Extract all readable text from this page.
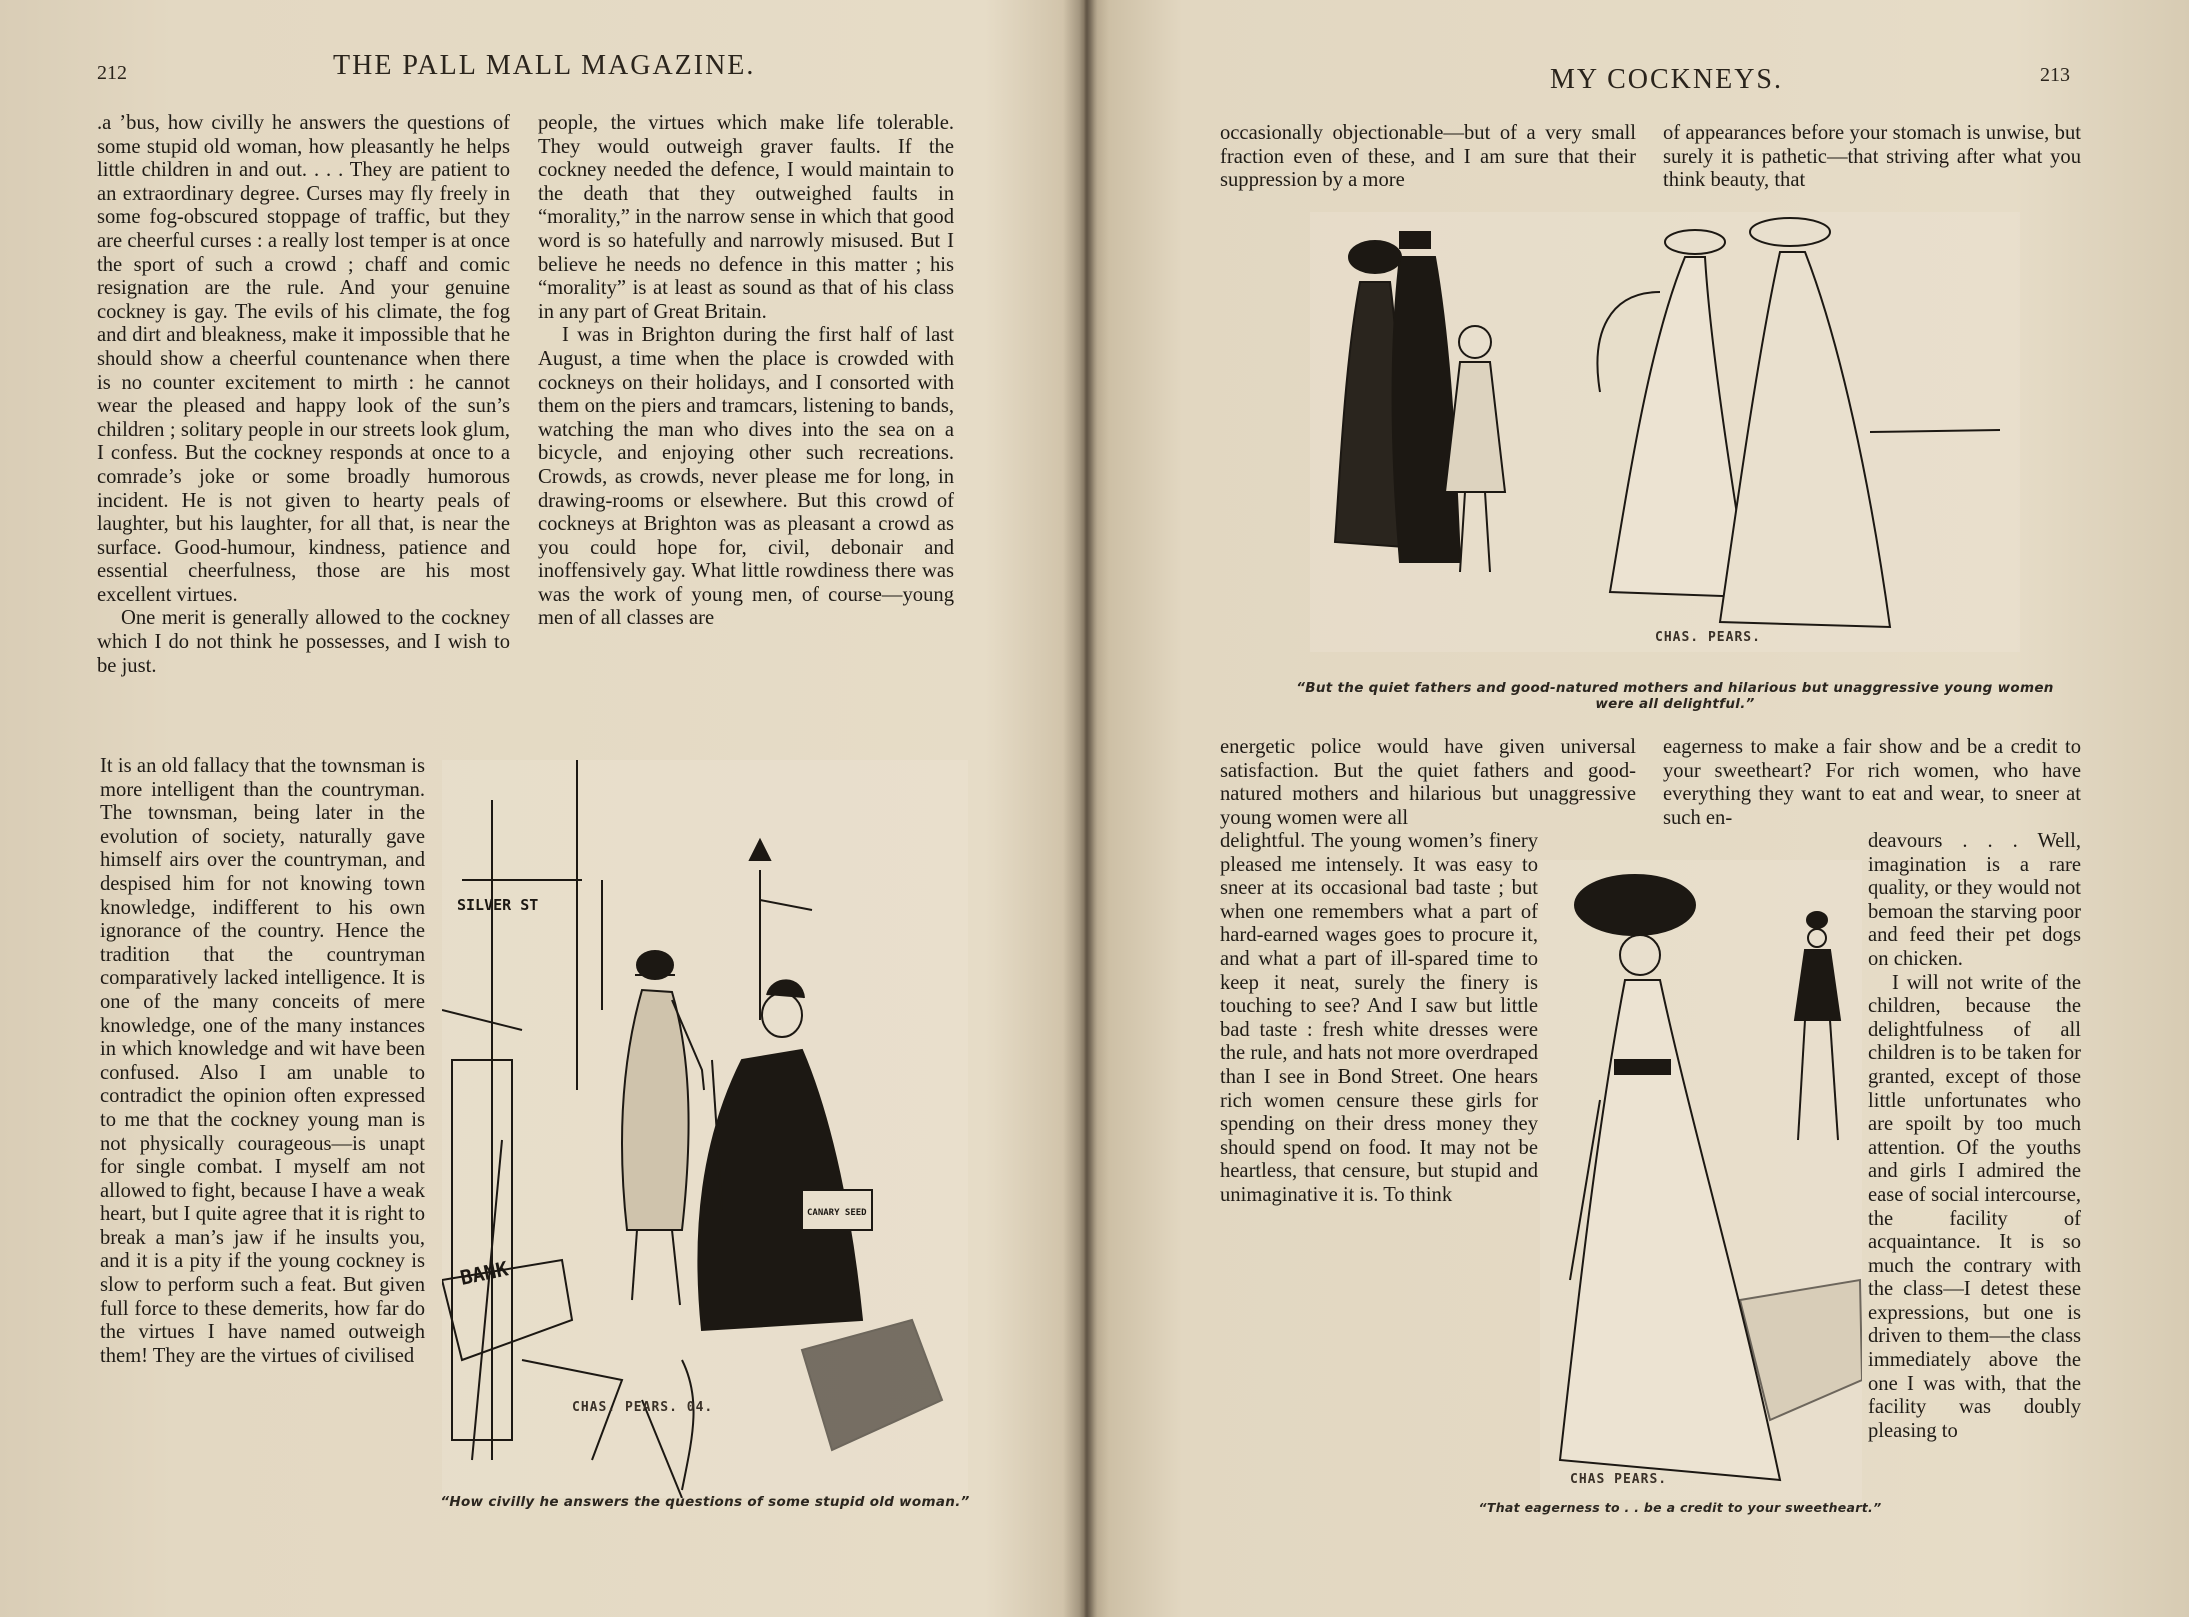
212	THE PALL MALL MAGAZINE.

.a ’bus, how civilly he answers the questions of some stupid old woman, how pleasantly he helps little children in and out. . . . They are patient to an extraordinary degree. Curses may fly freely in some fog-obscured stoppage of traffic, but they are cheerful curses : a really lost temper is at once the sport of such a crowd ; chaff and comic resignation are the rule. And your genuine cockney is gay. The evils of his climate, the fog and dirt and bleakness, make it impossible that he should show a cheerful countenance when there is no counter excitement to mirth : he cannot wear the pleased and happy look of the sun’s children ; solitary people in our streets look glum, I confess. But the cockney responds at once to a comrade’s joke or some broadly humorous incident. He is not given to hearty peals of laughter, but his laughter, for all that, is near the surface. Good-humour, kindness, patience and essential cheerfulness, those are his most excellent virtues.

One merit is generally allowed to the cockney which I do not think he possesses, and I wish to be just.

It is an old fallacy that the townsman is more intelligent than the countryman. The townsman, being later in the evolution of society, naturally gave himself airs over the countryman, and despised him for not knowing town knowledge, indifferent to his own ignorance of the country. Hence the tradition that the countryman comparatively lacked intelligence. It is one of the many conceits of mere knowledge, one of the many instances in which knowledge and wit have been confused. Also I am unable to contradict the opinion often expressed to me that the cockney young man is not physically courageous—is unapt for single combat. I myself am not allowed to fight, because I have a weak heart, but I quite agree that it is right to break a man’s jaw if he insults you, and it is a pity if the young cockney is slow to perform such a feat. But given full force to these demerits, how far do the virtues I have named outweigh them! They are the virtues of civilised

people, the virtues which make life tolerable. They would outweigh graver faults. If the cockney needed the defence, I would maintain to the death that they outweighed faults in “morality,” in the narrow sense in which that good word is so hatefully and narrowly misused. But I believe he needs no defence in this matter ; his “morality” is at least as sound as that of his class in any part of Great Britain.

I was in Brighton during the first half of last August, a time when the place is crowded with cockneys on their holidays, and I consorted with them on the piers and tramcars, listening to bands, watching the man who dives into the sea on a bicycle, and enjoying other such recreations. Crowds, as crowds, never please me for long, in drawing-rooms or elsewhere. But this crowd of cockneys at Brighton was as pleasant a crowd as you could hope for, civil, debonair and inoffensively gay. What little rowdiness there was was the work of young men, of course—young men of all classes are

SILVER ST
BANK
CANARY SEED
CHAS. PEARS. 04.
“How civilly he answers the questions of some stupid old woman.”
MY COCKNEYS.	213

occasionally objectionable—but of a very small fraction even of these, and I am sure that their suppression by a more

of appearances before your stomach is unwise, but surely it is pathetic—that striving after what you think beauty, that

CHAS. PEARS.
“But the quiet fathers and good-natured mothers and hilarious but unaggressive young women were all delightful.”

energetic police would have given universal satisfaction. But the quiet fathers and good-natured mothers and hilarious but unaggressive young women were all

delightful. The young women’s finery pleased me intensely. It was easy to sneer at its occasional bad taste ; but when one remembers what a part of hard-earned wages goes to procure it, and what a part of ill-spared time to keep it neat, surely the finery is touching to see? And I saw but little bad taste : fresh white dresses were the rule, and hats not more overdraped than I see in Bond Street. One hears rich women censure these girls for spending on their dress money they should spend on food. It may not be heartless, that censure, but stupid and unimaginative it is. To think

eagerness to make a fair show and be a credit to your sweetheart? For rich women, who have everything they want to eat and wear, to sneer at such en-

deavours . . . Well, imagination is a rare quality, or they would not bemoan the starving poor and feed their pet dogs on chicken.

I will not write of the children, because the delightfulness of all children is to be taken for granted, except of those little unfortunates who are spoilt by too much attention. Of the youths and girls I admired the ease of social intercourse, the facility of acquaintance. It is so much the contrary with the class—I detest these expressions, but one is driven to them—the class immediately above the one I was with, that the facility was doubly pleasing to

CHAS PEARS.
“That eagerness to . . be a credit to your sweetheart.”
